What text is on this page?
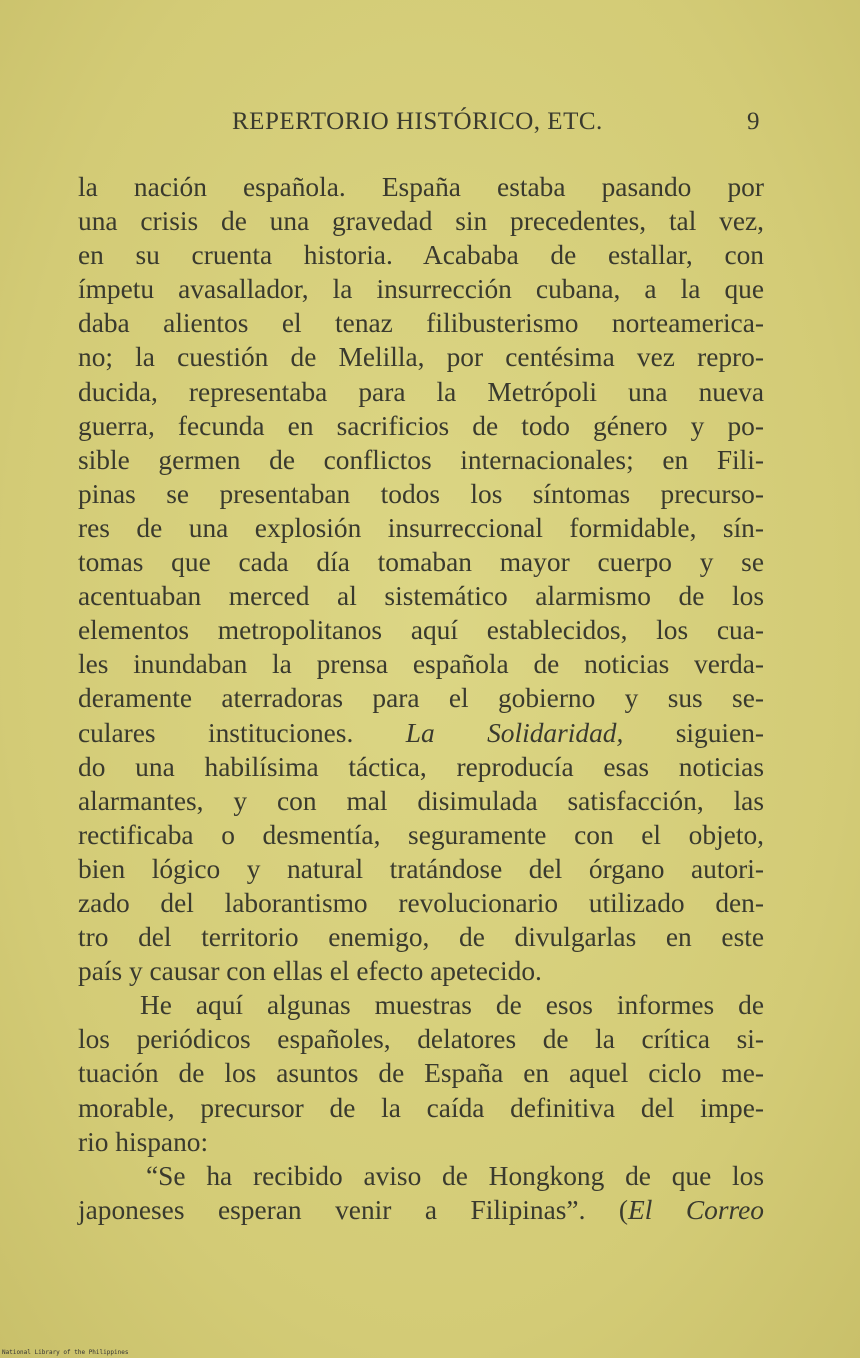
REPERTORIO HISTÓRICO, ETC.	9
la nación española. España estaba pasando por
una crisis de una gravedad sin precedentes, tal vez,
en su cruenta historia. Acababa de estallar, con
ímpetu avasallador, la insurrección cubana, a la que
daba alientos el tenaz filibusterismo norteamerica-
no; la cuestión de Melilla, por centésima vez repro-
ducida, representaba para la Metrópoli una nueva
guerra, fecunda en sacrificios de todo género y po-
sible germen de conflictos internacionales; en Fili-
pinas se presentaban todos los síntomas precurso-
res de una explosión insurreccional formidable, sín-
tomas que cada día tomaban mayor cuerpo y se
acentuaban merced al sistemático alarmismo de los
elementos metropolitanos aquí establecidos, los cua-
les inundaban la prensa española de noticias verda-
deramente aterradoras para el gobierno y sus se-
culares instituciones. La Solidaridad, siguien-
do una habilísima táctica, reproducía esas noticias
alarmantes, y con mal disimulada satisfacción, las
rectificaba o desmentía, seguramente con el objeto,
bien lógico y natural tratándose del órgano autori-
zado del laborantismo revolucionario utilizado den-
tro del territorio enemigo, de divulgarlas en este
país y causar con ellas el efecto apetecido.
He aquí algunas muestras de esos informes de
los periódicos españoles, delatores de la crítica si-
tuación de los asuntos de España en aquel ciclo me-
morable, precursor de la caída definitiva del impe-
rio hispano:
“Se ha recibido aviso de Hongkong de que los
japoneses esperan venir a Filipinas”. (El Correo
National Library of the Philippines
